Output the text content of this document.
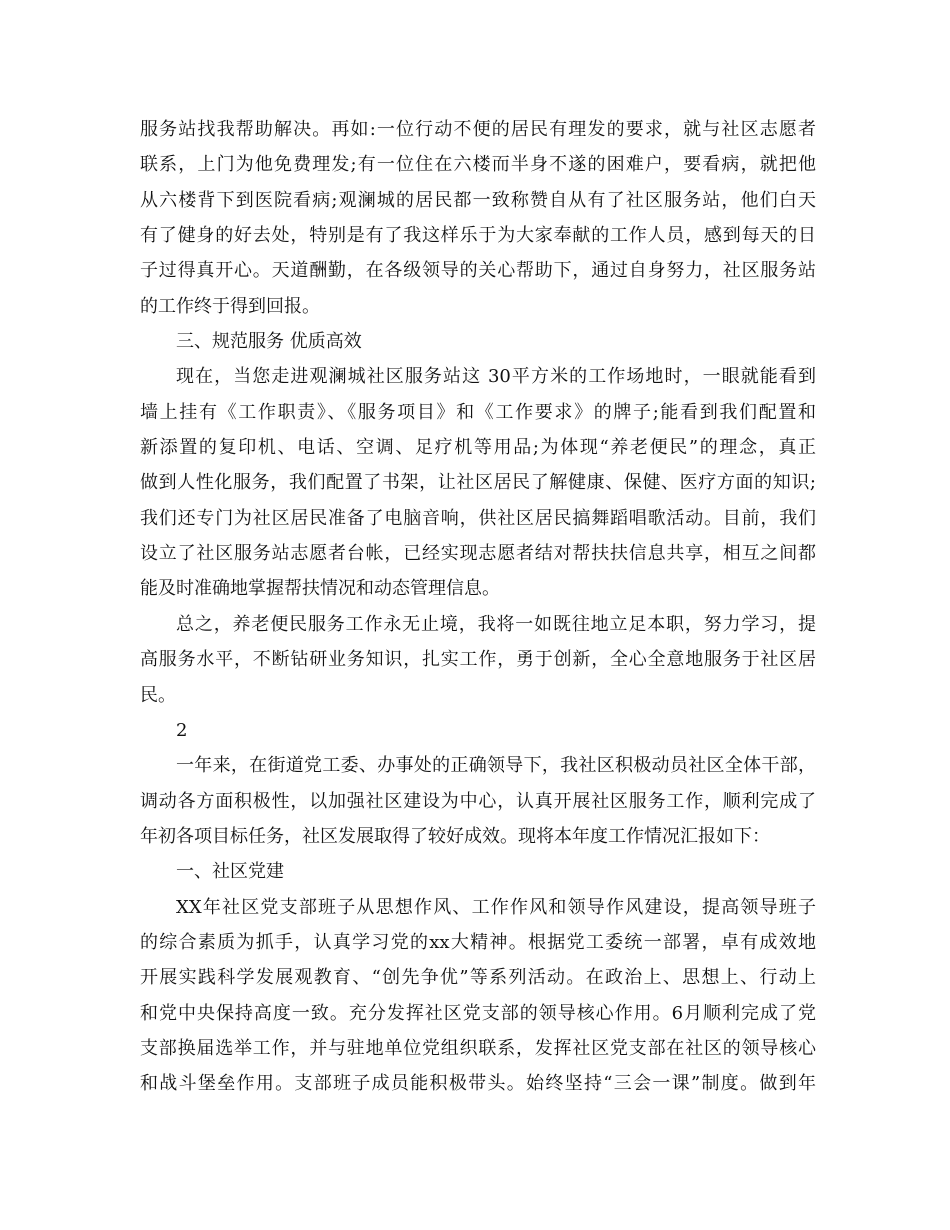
服务站找我帮助解决。再如:一位行动不便的居民有理发的要求，就与社区志愿者
联系，上门为他免费理发;有一位住在六楼而半身不遂的困难户，要看病，就把他
从六楼背下到医院看病;观澜城的居民都一致称赞自从有了社区服务站，他们白天
有了健身的好去处，特别是有了我这样乐于为大家奉献的工作人员，感到每天的日
子过得真开心。天道酬勤，在各级领导的关心帮助下，通过自身努力，社区服务站
的工作终于得到回报。
三、规范服务 优质高效
现在，当您走进观澜城社区服务站这 30平方米的工作场地时，一眼就能看到
墙上挂有《工作职责》、《服务项目》和《工作要求》的牌子;能看到我们配置和
新添置的复印机、电话、空调、足疗机等用品;为体现“养老便民”的理念，真正
做到人性化服务，我们配置了书架，让社区居民了解健康、保健、医疗方面的知识;
我们还专门为社区居民准备了电脑音响，供社区居民搞舞蹈唱歌活动。目前，我们
设立了社区服务站志愿者台帐，已经实现志愿者结对帮扶扶信息共享，相互之间都
能及时准确地掌握帮扶情况和动态管理信息。
总之，养老便民服务工作永无止境，我将一如既往地立足本职，努力学习，提
高服务水平，不断钻研业务知识，扎实工作，勇于创新，全心全意地服务于社区居
民。
2
一年来，在街道党工委、办事处的正确领导下，我社区积极动员社区全体干部，
调动各方面积极性，以加强社区建设为中心，认真开展社区服务工作，顺利完成了
年初各项目标任务，社区发展取得了较好成效。现将本年度工作情况汇报如下：
一、社区党建
XX年社区党支部班子从思想作风、工作作风和领导作风建设，提高领导班子
的综合素质为抓手，认真学习党的xx大精神。根据党工委统一部署，卓有成效地
开展实践科学发展观教育、“创先争优”等系列活动。在政治上、思想上、行动上
和党中央保持高度一致。充分发挥社区党支部的领导核心作用。6月顺利完成了党
支部换届选举工作，并与驻地单位党组织联系，发挥社区党支部在社区的领导核心
和战斗堡垒作用。支部班子成员能积极带头。始终坚持“三会一课”制度。做到年
